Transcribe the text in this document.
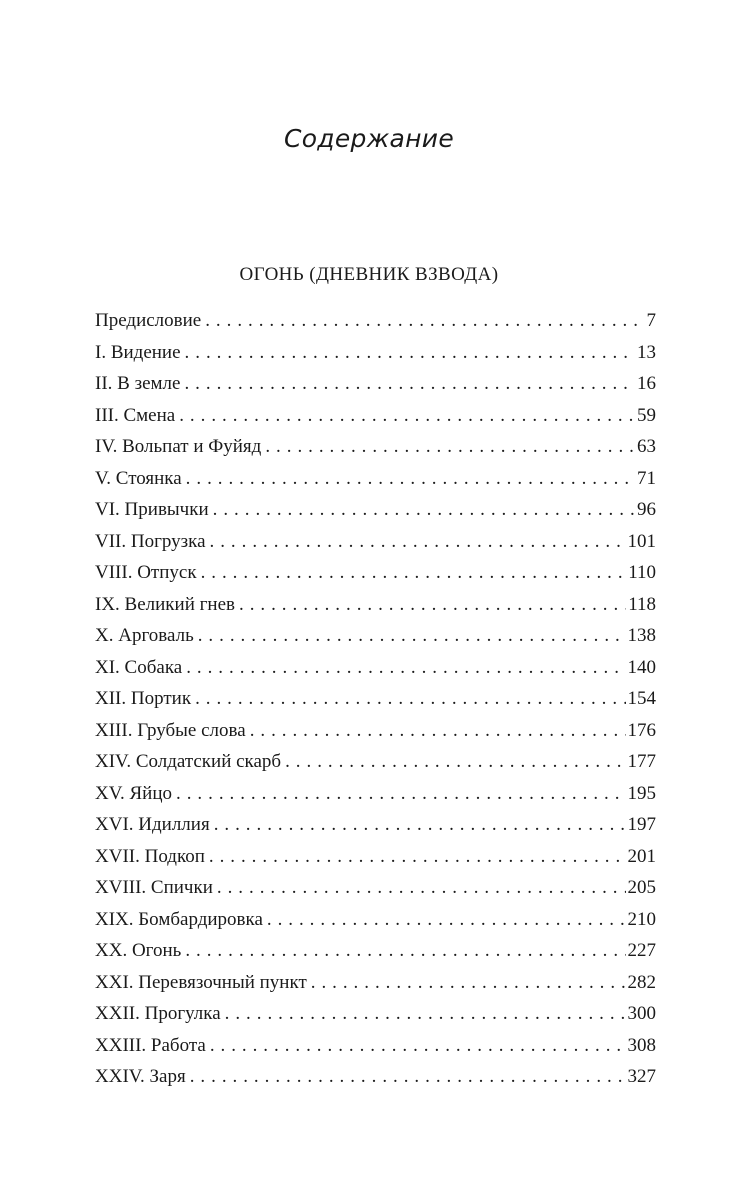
Содержание
ОГОНЬ (ДНЕВНИК ВЗВОДА)
Предисловие . . .	7
I. Видение . . .	13
II. В земле . . .	16
III. Смена . . .	59
IV. Вольпат и Фуйяд . . .	63
V. Стоянка . . .	71
VI. Привычки . . .	96
VII. Погрузка . . .	101
VIII. Отпуск . . .	110
IX. Великий гнев . . .	118
X. Арговаль . . .	138
XI. Собака . . .	140
XII. Портик . . .	154
XIII. Грубые слова . . .	176
XIV. Солдатский скарб . . .	177
XV. Яйцо . . .	195
XVI. Идиллия . . .	197
XVII. Подкоп . . .	201
XVIII. Спички . . .	205
XIX. Бомбардировка . . .	210
XX. Огонь . . .	227
XXI. Перевязочный пункт . . .	282
XXII. Прогулка . . .	300
XXIII. Работа . . .	308
XXIV. Заря . . .	327
